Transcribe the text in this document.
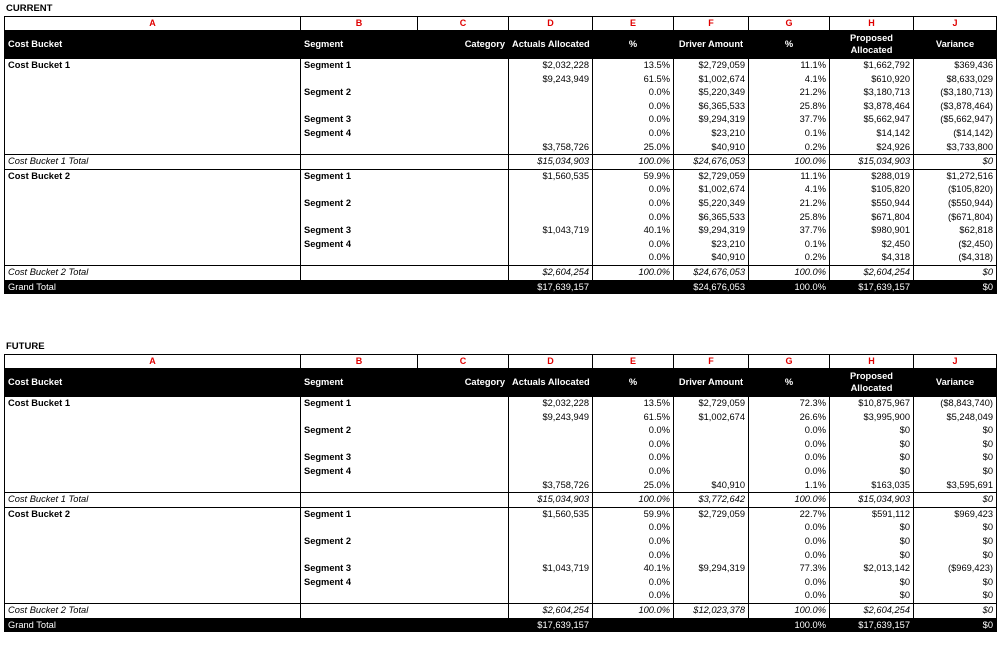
CURRENT
A	B	C	D	E	F	G	H	J
Cost Bucket	Segment	Category	Actuals Allocated	%	Driver Amount	%	Proposed Allocated	Variance
Cost Bucket 1	Segment 1		$2,032,228	13.5%	$2,729,059	11.1%	$1,662,792	$369,436
			$9,243,949	61.5%	$1,002,674	4.1%	$610,920	$8,633,029
	Segment 2			0.0%	$5,220,349	21.2%	$3,180,713	($3,180,713)
				0.0%	$6,365,533	25.8%	$3,878,464	($3,878,464)
	Segment 3			0.0%	$9,294,319	37.7%	$5,662,947	($5,662,947)
	Segment 4			0.0%	$23,210	0.1%	$14,142	($14,142)
			$3,758,726	25.0%	$40,910	0.2%	$24,926	$3,733,800
Cost Bucket 1 Total			$15,034,903	100.0%	$24,676,053	100.0%	$15,034,903	$0
Cost Bucket 2	Segment 1		$1,560,535	59.9%	$2,729,059	11.1%	$288,019	$1,272,516
				0.0%	$1,002,674	4.1%	$105,820	($105,820)
	Segment 2			0.0%	$5,220,349	21.2%	$550,944	($550,944)
				0.0%	$6,365,533	25.8%	$671,804	($671,804)
	Segment 3		$1,043,719	40.1%	$9,294,319	37.7%	$980,901	$62,818
	Segment 4			0.0%	$23,210	0.1%	$2,450	($2,450)
				0.0%	$40,910	0.2%	$4,318	($4,318)
Cost Bucket 2 Total			$2,604,254	100.0%	$24,676,053	100.0%	$2,604,254	$0
Grand Total			$17,639,157		$24,676,053	100.0%	$17,639,157	$0
FUTURE
A	B	C	D	E	F	G	H	J
Cost Bucket	Segment	Category	Actuals Allocated	%	Driver Amount	%	Proposed Allocated	Variance
Cost Bucket 1	Segment 1		$2,032,228	13.5%	$2,729,059	72.3%	$10,875,967	($8,843,740)
			$9,243,949	61.5%	$1,002,674	26.6%	$3,995,900	$5,248,049
	Segment 2			0.0%		0.0%	$0	$0
				0.0%		0.0%	$0	$0
	Segment 3			0.0%		0.0%	$0	$0
	Segment 4			0.0%		0.0%	$0	$0
			$3,758,726	25.0%	$40,910	1.1%	$163,035	$3,595,691
Cost Bucket 1 Total			$15,034,903	100.0%	$3,772,642	100.0%	$15,034,903	$0
Cost Bucket 2	Segment 1		$1,560,535	59.9%	$2,729,059	22.7%	$591,112	$969,423
				0.0%		0.0%	$0	$0
	Segment 2			0.0%		0.0%	$0	$0
				0.0%		0.0%	$0	$0
	Segment 3		$1,043,719	40.1%	$9,294,319	77.3%	$2,013,142	($969,423)
	Segment 4			0.0%		0.0%	$0	$0
				0.0%		0.0%	$0	$0
Cost Bucket 2 Total			$2,604,254	100.0%	$12,023,378	100.0%	$2,604,254	$0
Grand Total			$17,639,157			100.0%	$17,639,157	$0
